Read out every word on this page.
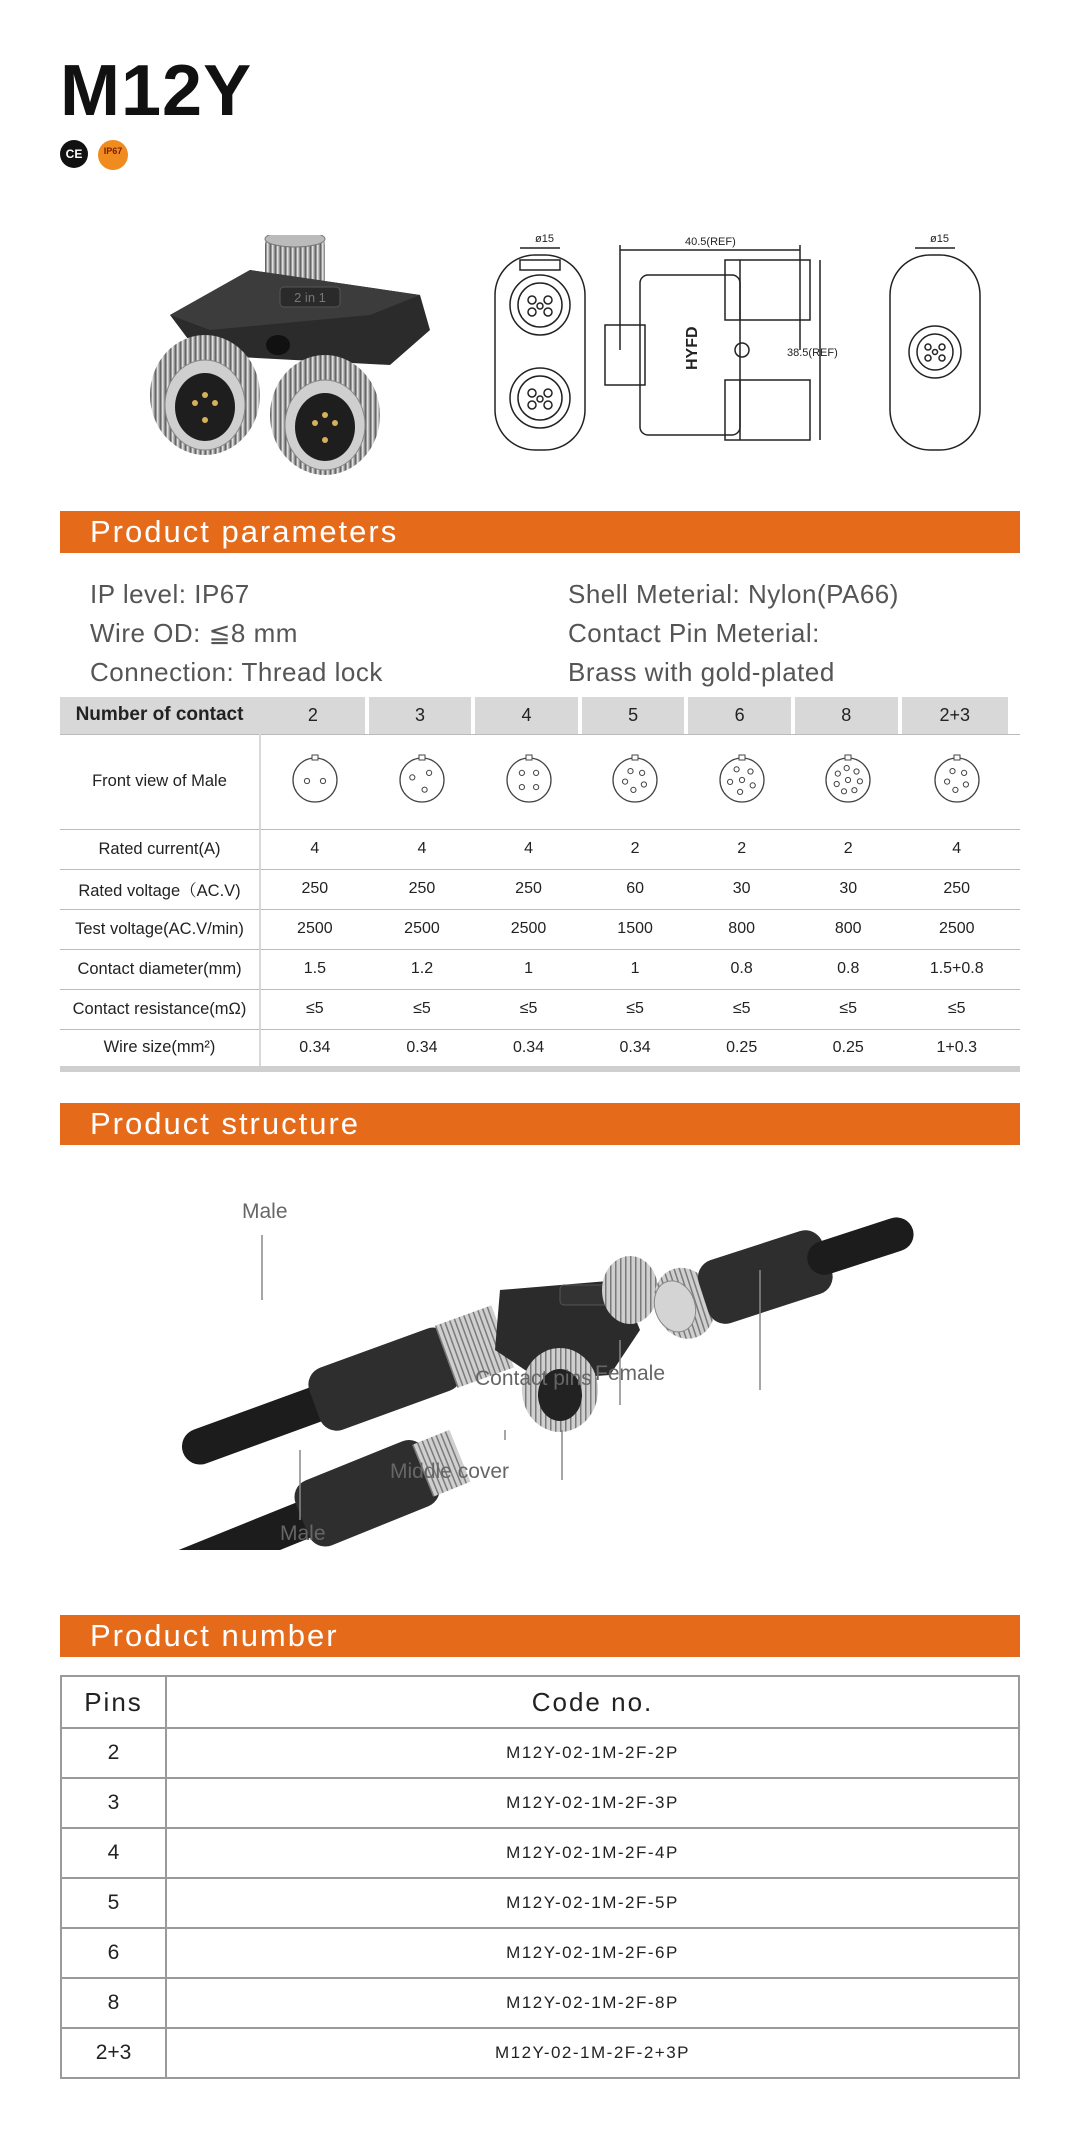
M12Y
CE	IP67
2 in 1
ø15	40.5(REF)
38.5(REF)
HYFD
ø15
Product parameters
IP level: IP67
Wire OD: ≦8 mm
Connection: Thread lock
Shell Meterial: Nylon(PA66)
Contact Pin Meterial:
Brass with gold-plated
Number of contact	2		3		4		5		6		8		2+3						
Front view of Male								
Rated current(A)	4		4		4		2		2		2		4				
Rated voltage（AC.V)	250		250		250		60		30		30		250				
Test voltage(AC.V/min)	2500		2500		2500		1500		800		800		2500				
Contact diameter(mm)	1.5		1.2		1		1		0.8		0.8		1.5+0.8				
Contact resistance(mΩ)	≤5		≤5		≤5		≤5		≤5		≤5		≤5				
Wire size(mm²)	0.34		0.34		0.34		0.34		0.25		0.25		1+0.3				
Product structure
Male
Male
Contact pins Female
Middle cover
Product number
Pins	Code no.
2	M12Y-02-1M-2F-2P
3	M12Y-02-1M-2F-3P
4	M12Y-02-1M-2F-4P
5	M12Y-02-1M-2F-5P
6	M12Y-02-1M-2F-6P
8	M12Y-02-1M-2F-8P
2+3	M12Y-02-1M-2F-2+3P
